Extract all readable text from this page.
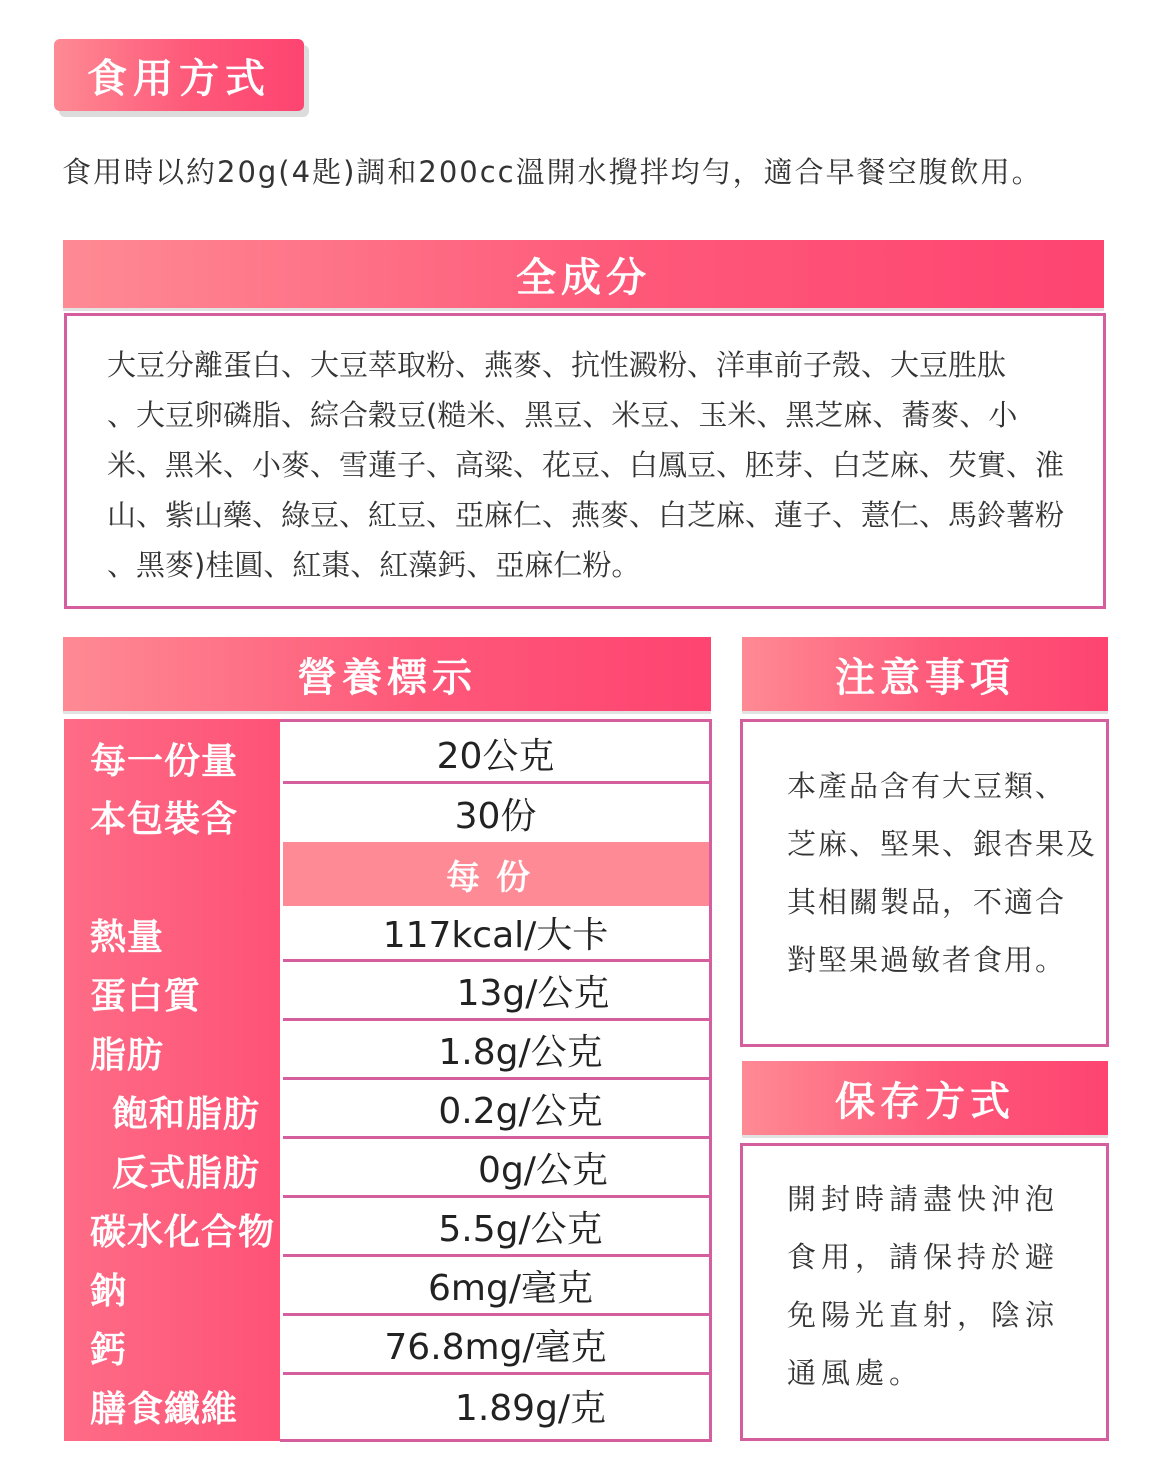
食用方式
食用時以約20g(4匙)調和200cc溫開水攪拌均勻，適合早餐空腹飲用。
全成分
大豆分離蛋白、大豆萃取粉、燕麥、抗性澱粉、洋車前子殼、大豆胜肽
、大豆卵磷脂、綜合穀豆(糙米、黑豆、米豆、玉米、黑芝麻、蕎麥、小
米、黑米、小麥、雪蓮子、高粱、花豆、白鳳豆、胚芽、白芝麻、芡實、淮
山、紫山藥、綠豆、紅豆、亞麻仁、燕麥、白芝麻、蓮子、薏仁、馬鈴薯粉
、黑麥)桂圓、紅棗、紅藻鈣、亞麻仁粉。
營養標示
每一份量
本包裝含
熱量
蛋白質
脂肪
飽和脂肪
反式脂肪
碳水化合物
鈉
鈣
膳食纖維
20公克
30份
每份
117kcal/大卡
13g/公克
1.8g/公克
0.2g/公克
0g/公克
5.5g/公克
6mg/毫克
76.8mg/毫克
1.89g/克
注意事項
本產品含有大豆類、
芝麻、堅果、銀杏果及
其相關製品，不適合
對堅果過敏者食用。
保存方式
開封時請盡快沖泡
食用，請保持於避
免陽光直射，陰涼
通風處。
